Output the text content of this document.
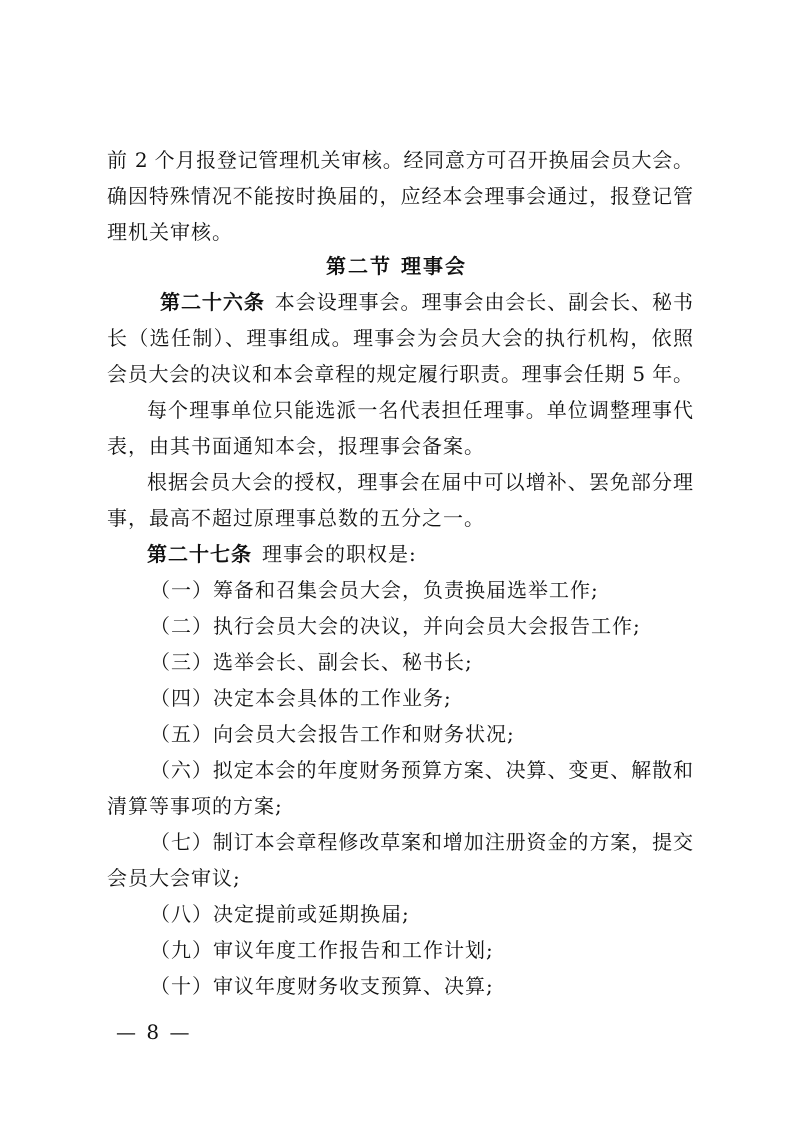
前 2 个月报登记管理机关审核。经同意方可召开换届会员大会。
确因特殊情况不能按时换届的，应经本会理事会通过，报登记管
理机关审核。
第二节 理事会
第二十六条 本会设理事会。理事会由会长、副会长、秘书
长（选任制）、理事组成。理事会为会员大会的执行机构，依照
会员大会的决议和本会章程的规定履行职责。理事会任期 5 年。
每个理事单位只能选派一名代表担任理事。单位调整理事代
表，由其书面通知本会，报理事会备案。
根据会员大会的授权，理事会在届中可以增补、罢免部分理
事，最高不超过原理事总数的五分之一。
第二十七条 理事会的职权是:
（一）筹备和召集会员大会，负责换届选举工作;
（二）执行会员大会的决议，并向会员大会报告工作;
（三）选举会长、副会长、秘书长;
（四）决定本会具体的工作业务;
（五）向会员大会报告工作和财务状况;
（六）拟定本会的年度财务预算方案、决算、变更、解散和
清算等事项的方案;
（七）制订本会章程修改草案和增加注册资金的方案，提交
会员大会审议;
（八）决定提前或延期换届;
（九）审议年度工作报告和工作计划;
（十）审议年度财务收支预算、决算;
— 8 —
